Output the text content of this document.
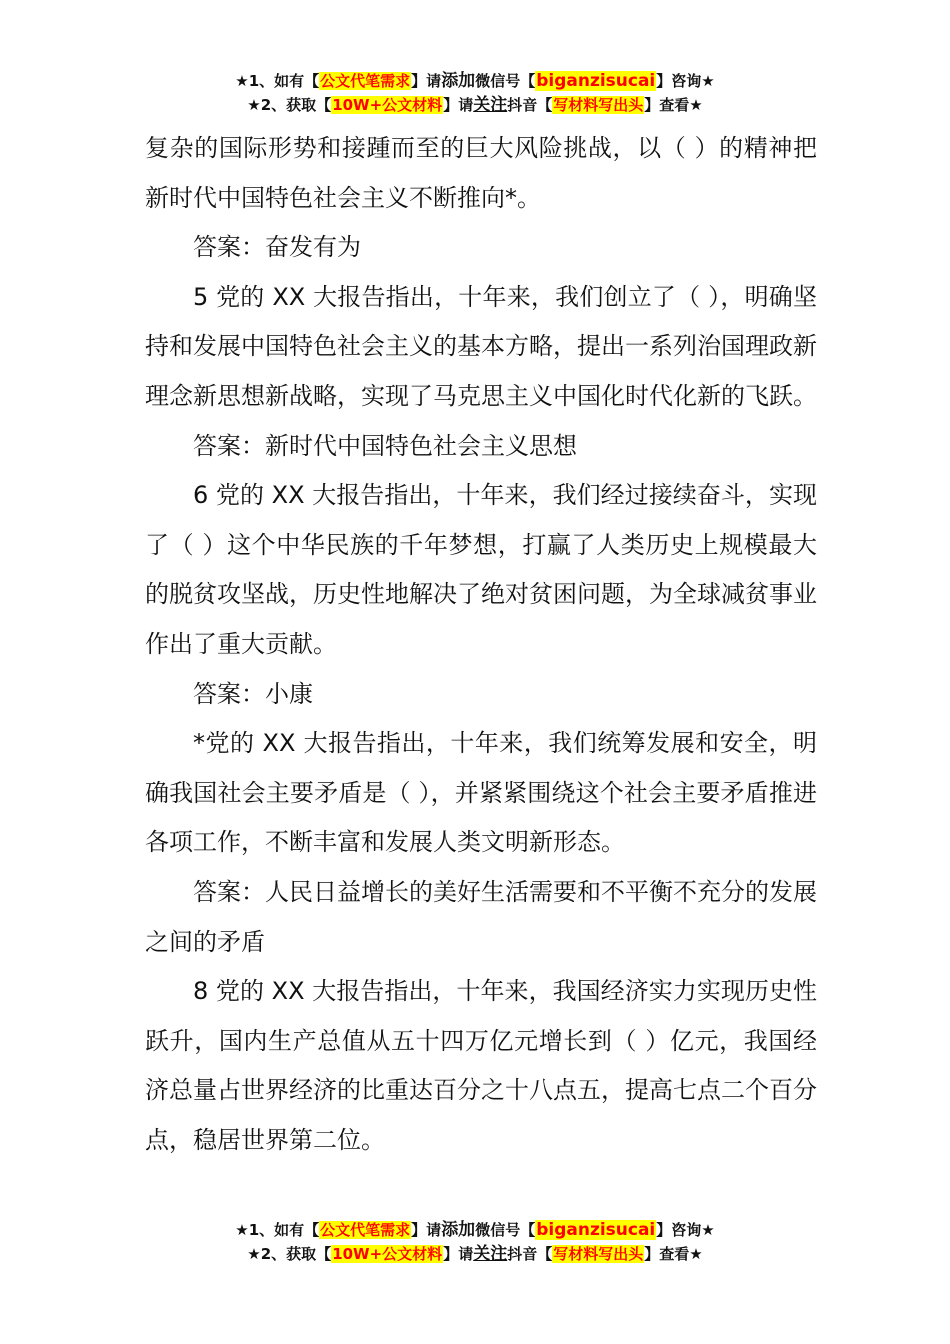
★1、如有【公文代笔需求】请添加微信号【biganzisucai】咨询★
★2、获取【10W+公文材料】请关注抖音【写材料写出头】查看★

复杂的国际形势和接踵而至的巨大风险挑战，以（ ）的精神把新时代中国特色社会主义不断推向*。

答案：奋发有为

5 党的 XX 大报告指出，十年来，我们创立了（ ），明确坚持和发展中国特色社会主义的基本方略，提出一系列治国理政新理念新思想新战略，实现了马克思主义中国化时代化新的飞跃。

答案：新时代中国特色社会主义思想

6 党的 XX 大报告指出，十年来，我们经过接续奋斗，实现了（ ）这个中华民族的千年梦想，打赢了人类历史上规模最大的脱贫攻坚战，历史性地解决了绝对贫困问题，为全球减贫事业作出了重大贡献。

答案：小康

*党的 XX 大报告指出，十年来，我们统筹发展和安全，明确我国社会主要矛盾是（ ），并紧紧围绕这个社会主要矛盾推进各项工作，不断丰富和发展人类文明新形态。

答案：人民日益增长的美好生活需要和不平衡不充分的发展之间的矛盾

8 党的 XX 大报告指出，十年来，我国经济实力实现历史性跃升，国内生产总值从五十四万亿元增长到（ ）亿元，我国经济总量占世界经济的比重达百分之十八点五，提高七点二个百分点，稳居世界第二位。

★1、如有【公文代笔需求】请添加微信号【biganzisucai】咨询★
★2、获取【10W+公文材料】请关注抖音【写材料写出头】查看★
